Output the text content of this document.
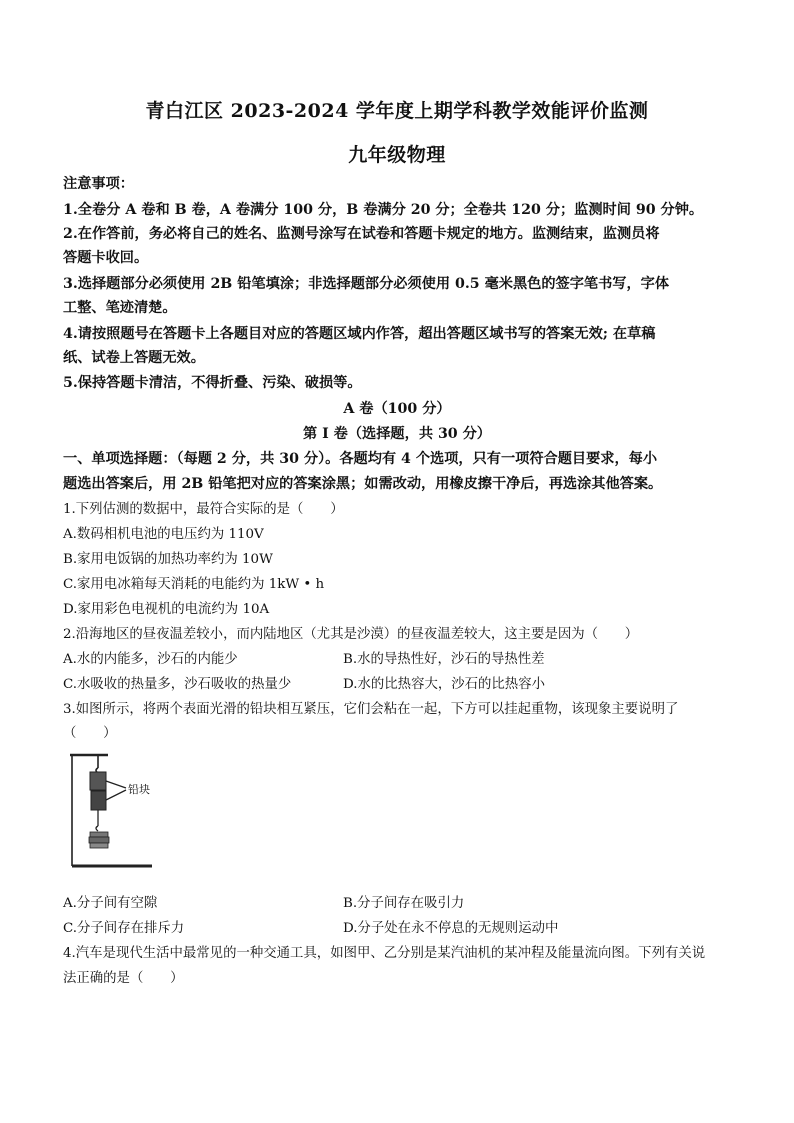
青白江区 2023-2024 学年度上期学科教学效能评价监测
九年级物理
注意事项：
1.全卷分 A 卷和 B 卷，A 卷满分 100 分，B 卷满分 20 分；全卷共 120 分；监测时间 90 分钟。
2.在作答前，务必将自己的姓名、监测号涂写在试卷和答题卡规定的地方。监测结束，监测员将
答题卡收回。
3.选择题部分必须使用 2B 铅笔填涂；非选择题部分必须使用 0.5 毫米黑色的签字笔书写，字体
工整、笔迹清楚。
4.请按照题号在答题卡上各题目对应的答题区域内作答，超出答题区域书写的答案无效; 在草稿
纸、试卷上答题无效。
5.保持答题卡清洁，不得折叠、污染、破损等。
A 卷（100 分）
第 I 卷（选择题，共 30 分）
一、单项选择题：（每题 2 分，共 30 分）。各题均有 4 个选项，只有一项符合题目要求，每小
题选出答案后，用 2B 铅笔把对应的答案涂黑；如需改动，用橡皮擦干净后，再选涂其他答案。
1.下列估测的数据中，最符合实际的是（　　）
A.数码相机电池的电压约为 110V
B.家用电饭锅的加热功率约为 10W
C.家用电冰箱每天消耗的电能约为 1kW • h
D.家用彩色电视机的电流约为 10A
2.沿海地区的昼夜温差较小，而内陆地区（尤其是沙漠）的昼夜温差较大，这主要是因为（　　）
A.水的内能多，沙石的内能少	B.水的导热性好，沙石的导热性差
C.水吸收的热量多，沙石吸收的热量少	D.水的比热容大，沙石的比热容小
3.如图所示，将两个表面光滑的铅块相互紧压，它们会粘在一起，下方可以挂起重物，该现象主要说明了
（　　）
铅块
A.分子间有空隙	B.分子间存在吸引力
C.分子间存在排斥力	D.分子处在永不停息的无规则运动中
4.汽车是现代生活中最常见的一种交通工具，如图甲、乙分别是某汽油机的某冲程及能量流向图。下列有关说
法正确的是（　　）
